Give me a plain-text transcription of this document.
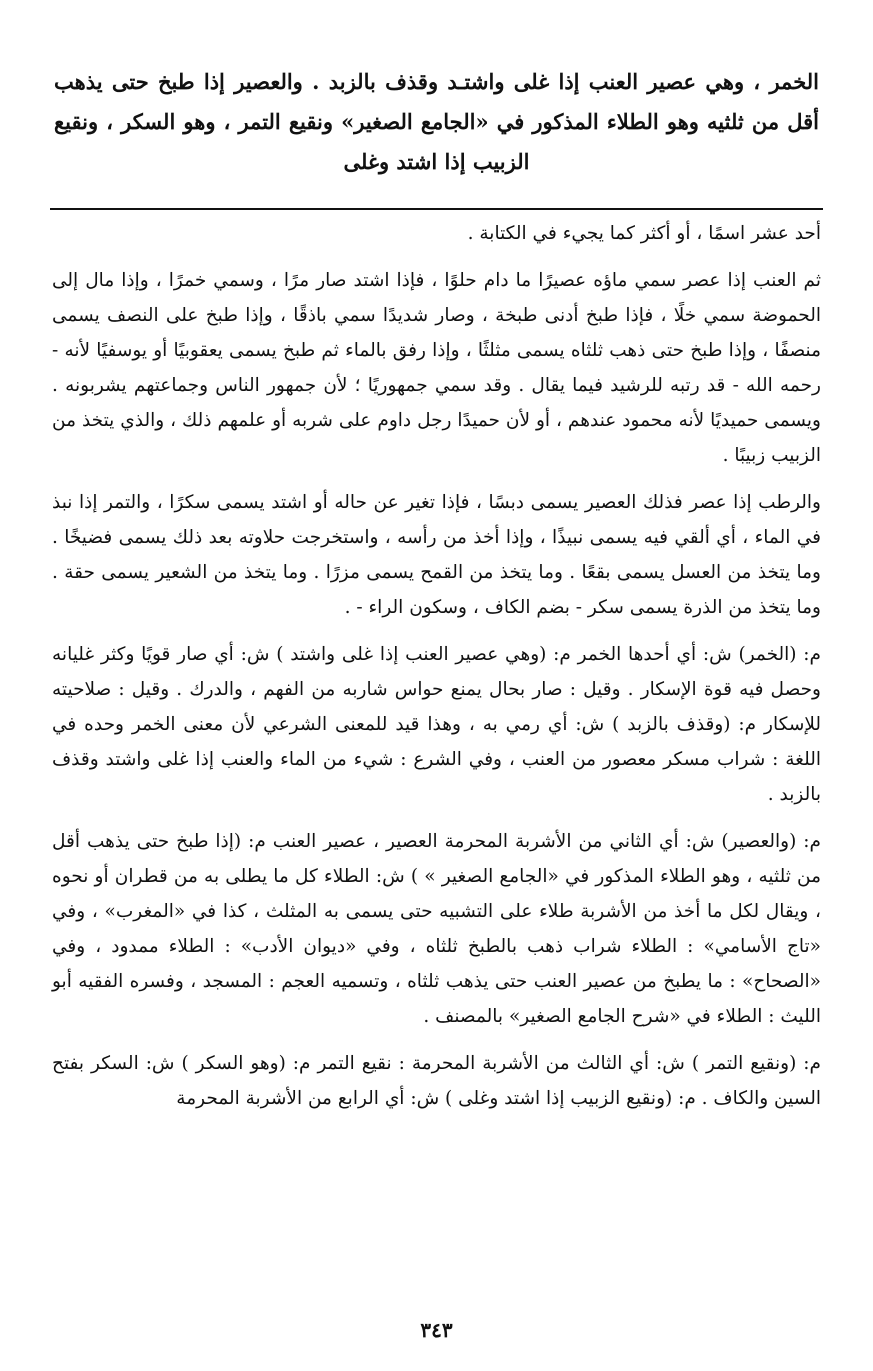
الخمر ، وهي عصير العنب إذا غلى واشتـد وقذف بالزبد . والعصير إذا طبخ حتى يذهب أقل من ثلثيه وهو الطلاء المذكور في «الجامع الصغير» ونقيع التمر ، وهو السكر ، ونقيع الزبيب إذا اشتد وغلى

أحد عشر اسمًا ، أو أكثر كما يجيء في الكتابة .

ثم العنب إذا عصر سمي ماؤه عصيرًا ما دام حلوًا ، فإذا اشتد صار مرًا ، وسمي خمرًا ، وإذا مال إلى الحموضة سمي خلًا ، فإذا طبخ أدنى طبخة ، وصار شديدًا سمي باذقًا ، وإذا طبخ على النصف يسمى منصفًا ، وإذا طبخ حتى ذهب ثلثاه يسمى مثلثًا ، وإذا رفق بالماء ثم طبخ يسمى يعقوبيًا أو يوسفيًا لأنه - رحمه الله - قد رتبه للرشيد فيما يقال . وقد سمي جمهوريًا ؛ لأن جمهور الناس وجماعتهم يشربونه . ويسمى حميديًا لأنه محمود عندهم ، أو لأن حميدًا رجل داوم على شربه أو علمهم ذلك ، والذي يتخذ من الزبيب زبيبًا .

والرطب إذا عصر فذلك العصير يسمى دبسًا ، فإذا تغير عن حاله أو اشتد يسمى سكرًا ، والتمر إذا نبذ في الماء ، أي ألقي فيه يسمى نبيذًا ، وإذا أخذ من رأسه ، واستخرجت حلاوته بعد ذلك يسمى فضيخًا . وما يتخذ من العسل يسمى بقعًا . وما يتخذ من القمح يسمى مزرًا . وما يتخذ من الشعير يسمى حقة . وما يتخذ من الذرة يسمى سكر - بضم الكاف ، وسكون الراء - .

م: (الخمر) ش: أي أحدها الخمر م: (وهي عصير العنب إذا غلى واشتد ) ش: أي صار قويًا وكثر غليانه وحصل فيه قوة الإسكار . وقيل : صار بحال يمنع حواس شاربه من الفهم ، والدرك . وقيل : صلاحيته للإسكار م: (وقذف بالزبد ) ش: أي رمي به ، وهذا قيد للمعنى الشرعي لأن معنى الخمر وحده في اللغة : شراب مسكر معصور من العنب ، وفي الشرع : شيء من الماء والعنب إذا غلى واشتد وقذف بالزبد .

م: (والعصير) ش: أي الثاني من الأشربة المحرمة العصير ، عصير العنب م: (إذا طبخ حتى يذهب أقل من ثلثيه ، وهو الطلاء المذكور في «الجامع الصغير » ) ش: الطلاء كل ما يطلى به من قطران أو نحوه ، ويقال لكل ما أخذ من الأشربة طلاء على التشبيه حتى يسمى به المثلث ، كذا في «المغرب» ، وفي «تاج الأسامي» : الطلاء شراب ذهب بالطبخ ثلثاه ، وفي «ديوان الأدب» : الطلاء ممدود ، وفي «الصحاح» : ما يطبخ من عصير العنب حتى يذهب ثلثاه ، وتسميه العجم : المسجد ، وفسره الفقيه أبو الليث : الطلاء في «شرح الجامع الصغير» بالمصنف .

م: (ونقيع التمر ) ش: أي الثالث من الأشربة المحرمة : نقيع التمر م: (وهو السكر ) ش: السكر بفتح السين والكاف . م: (ونقيع الزبيب إذا اشتد وغلى ) ش: أي الرابع من الأشربة المحرمة

٣٤٣
